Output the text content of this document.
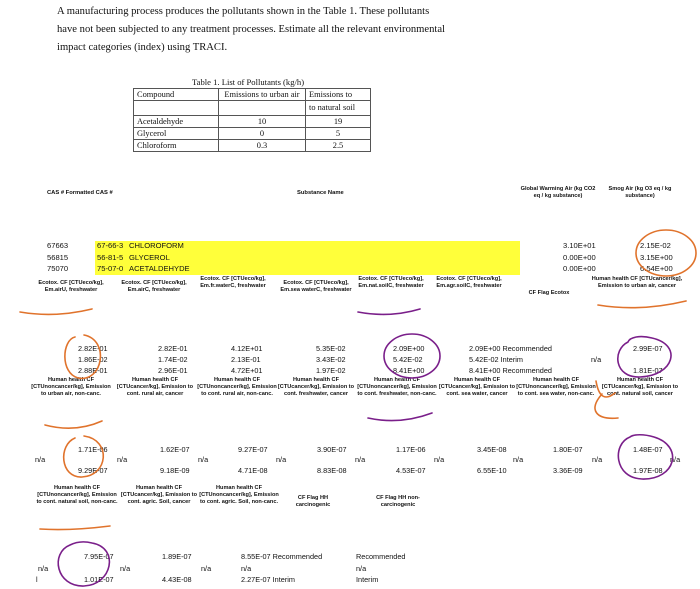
A manufacturing process produces the pollutants shown in the Table 1. These pollutants
have not been subjected to any treatment processes. Estimate all the relevant environmental
impact categories (index) using TRACI.
Table 1. List of Pollutants (kg/h)
Compound	Emissions to urban air	Emissions to
		to natural soil
Acetaldehyde	10	19
Glycerol	0	5
Chloroform	0.3	2.5
CAS # Formatted CAS #	Substance Name
Global Warming Air (kg CO2 eq / kg substance)
Smog Air (kg O3 eq / kg substance)
67663	67-66-3 CHLOROFORM	3.10E+01	2.15E-02
56815	56-81-5 GLYCEROL	0.00E+00	3.15E+00
75070	75-07-0 ACETALDEHYDE	0.00E+00	6.54E+00
Ecotox. CF [CTUeco/kg], Em.airU, freshwater
Ecotox. CF [CTUeco/kg], Em.airC, freshwater
Ecotox. CF [CTUeco/kg], Em.fr.waterC, freshwater	Ecotox. CF [CTUeco/kg], Em.sea waterC, freshwater
Ecotox. CF [CTUeco/kg], Em.nat.soilC, freshwater
Ecotox. CF [CTUeco/kg], Em.agr.soilC, freshwater
CF Flag Ecotox
Human health CF [CTUcancer/kg], Emission to urban air, cancer
2.82E-01	2.82E-01	4.12E+01	5.35E-02	2.09E+00	2.09E+00 Recommended	2.99E-07
1.86E-02	1.74E-02	2.13E-01	3.43E-02	5.42E-02	5.42E-02 Interim	n/a
2.88E-01	2.96E-01	4.72E+01	1.97E-02	8.41E+00	8.41E+00 Recommended	1.81E-07
Human health CF [CTUnoncancer/kg], Emission to urban air, non-canc.
Human health CF [CTUcancer/kg], Emission to cont. rural air, cancer
Human health CF [CTUnoncancer/kg], Emission to cont. rural air, non-canc.
Human health CF [CTUcancer/kg], Emission to cont. freshwater, cancer
Human health CF [CTUnoncancer/kg], Emission to cont. freshwater, non-canc.
Human health CF [CTUcancer/kg], Emission to cont. sea water, cancer
Human health CF [CTUnoncancer/kg], Emission to cont. sea water, non-canc.
Human health CF [CTUcancer/kg], Emission to cont. natural soil, cancer
1.71E-06	1.62E-07	9.27E-07	3.90E-07	1.17E-06	3.45E-08	1.80E-07	1.48E-07
n/a	n/a	n/a	n/a	n/a	n/a	n/a	n/a	n/a
9.29E-07	9.18E-09	4.71E-08	8.83E-08	4.53E-07	6.55E-10	3.36E-09	1.97E-08
Human health CF [CTUnoncancer/kg], Emission to cont. natural soil, non-canc.
Human health CF [CTUcancer/kg], Emission to cont. agric. Soil, cancer
Human health CF [CTUnoncancer/kg], Emission to cont. agric. Soil, non-canc.
CF Flag HH carcinogenic
CF Flag HH non-carcinogenic
7.95E-07	1.89E-07	8.55E-07 Recommended	Recommended
n/a	n/a	n/a	n/a	n/a
l	1.01E-07	4.43E-08	2.27E-07 Interim	Interim
